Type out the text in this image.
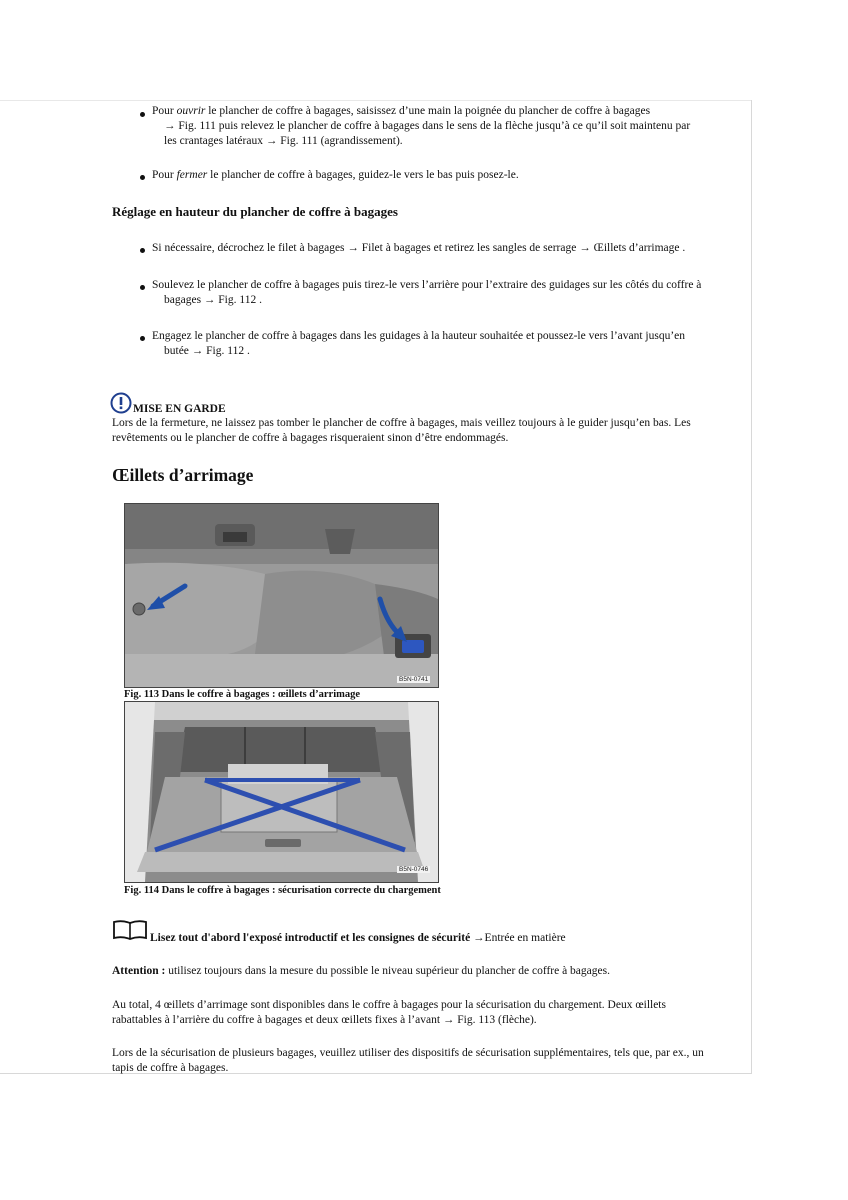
Pour ouvrir le plancher de coffre à bagages, saisissez d’une main la poignée du plancher de coffre à bagages
→ Fig. 111 puis relevez le plancher de coffre à bagages dans le sens de la flèche jusqu’à ce qu’il soit maintenu par
les crantages latéraux → Fig. 111 (agrandissement).
Pour fermer le plancher de coffre à bagages, guidez-le vers le bas puis posez-le.
Réglage en hauteur du plancher de coffre à bagages
Si nécessaire, décrochez le filet à bagages → Filet à bagages et retirez les sangles de serrage → Œillets d’arrimage .
Soulevez le plancher de coffre à bagages puis tirez-le vers l’arrière pour l’extraire des guidages sur les côtés du coffre à
bagages → Fig. 112 .
Engagez le plancher de coffre à bagages dans les guidages à la hauteur souhaitée et poussez-le vers l’avant jusqu’en
butée → Fig. 112 .
MISE EN GARDE
Lors de la fermeture, ne laissez pas tomber le plancher de coffre à bagages, mais veillez toujours à le guider jusqu’en bas. Les
revêtements ou le plancher de coffre à bagages risqueraient sinon d’être endommagés.
Œillets d’arrimage
B5N-0741
Fig. 113 Dans le coffre à bagages : œillets d’arrimage
B5N-0746
Fig. 114 Dans le coffre à bagages : sécurisation correcte du chargement
Lisez tout d'abord l'exposé introductif et les consignes de sécurité →Entrée en matière
Attention : utilisez toujours dans la mesure du possible le niveau supérieur du plancher de coffre à bagages.
Au total, 4 œillets d’arrimage sont disponibles dans le coffre à bagages pour la sécurisation du chargement. Deux œillets
rabattables à l’arrière du coffre à bagages et deux œillets fixes à l’avant → Fig. 113 (flèche).
Lors de la sécurisation de plusieurs bagages, veuillez utiliser des dispositifs de sécurisation supplémentaires, tels que, par ex., un
tapis de coffre à bagages.
